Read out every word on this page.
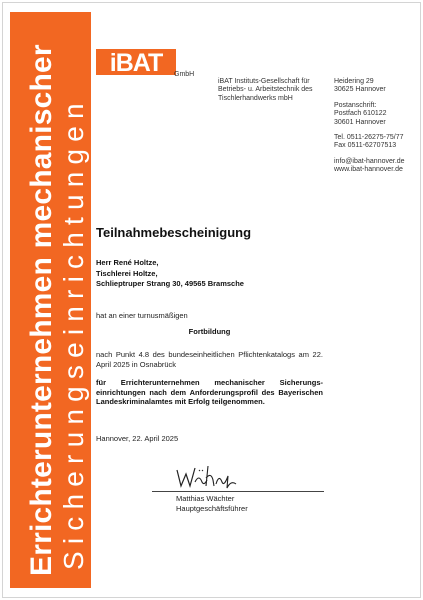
Errichterunternehmen mechanischer Sicherungseinrichtungen
iBAT GmbH
iBAT Instituts-Gesellschaft für
Betriebs- u. Arbeitstechnik des
Tischlerhandwerks mbH
Heidering 29
30625 Hannover
Postanschrift:
Postfach 610122
30601 Hannover
Tel. 0511-26275-75/77
Fax 0511-62707513
info@ibat-hannover.de
www.ibat-hannover.de
Teilnahmebescheinigung
Herr René Holtze,
Tischlerei Holtze,
Schlieptruper Strang 30, 49565 Bramsche
hat an einer turnusmäßigen
Fortbildung
nach Punkt 4.8 des bundeseinheitlichen Pflichtenkatalogs am 22. April 2025 in Osnabrück
für Errichterunternehmen mechanischer Sicherungs-einrichtungen nach dem Anforderungsprofil des Bayerischen Landeskriminalamtes mit Erfolg teilgenommen.
Hannover, 22. April 2025
Matthias Wächter
Hauptgeschäftsführer
